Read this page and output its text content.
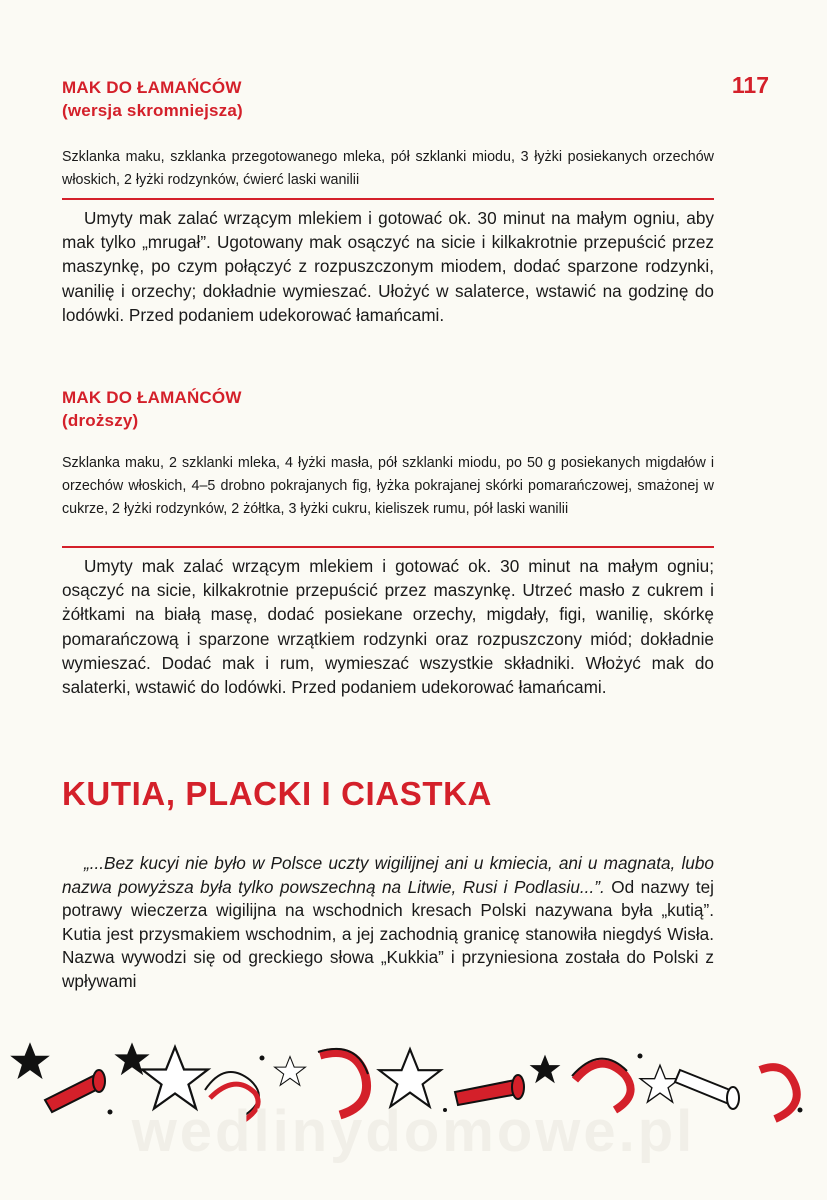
117

MAK DO ŁAMAŃCÓW
(wersja skromniejsza)

Szklanka maku, szklanka przegotowanego mleka, pół szklanki miodu, 3 łyżki posiekanych orzechów włoskich, 2 łyżki rodzynków, ćwierć laski wanilii

Umyty mak zalać wrzącym mlekiem i gotować ok. 30 minut na małym ogniu, aby mak tylko „mrugał”. Ugotowany mak osączyć na sicie i kilkakrotnie przepuścić przez maszynkę, po czym połączyć z rozpuszczonym miodem, dodać sparzone rodzynki, wanilię i orzechy; dokładnie wymieszać. Ułożyć w salaterce, wstawić na godzinę do lodówki. Przed podaniem udekorować łamańcami.

MAK DO ŁAMAŃCÓW
(droższy)

Szklanka maku, 2 szklanki mleka, 4 łyżki masła, pół szklanki miodu, po 50 g posiekanych migdałów i orzechów włoskich, 4–5 drobno pokrajanych fig, łyżka pokrajanej skórki pomarańczowej, smażonej w cukrze, 2 łyżki rodzynków, 2 żółtka, 3 łyżki cukru, kieliszek rumu, pół laski wanilii

Umyty mak zalać wrzącym mlekiem i gotować ok. 30 minut na małym ogniu; osączyć na sicie, kilkakrotnie przepuścić przez maszynkę. Utrzeć masło z cukrem i żółtkami na białą masę, dodać posiekane orzechy, migdały, figi, wanilię, skórkę pomarańczową i sparzone wrzątkiem rodzynki oraz rozpuszczony miód; dokładnie wymieszać. Dodać mak i rum, wymieszać wszystkie składniki. Włożyć mak do salaterki, wstawić do lodówki. Przed podaniem udekorować łamańcami.

KUTIA, PLACKI I CIASTKA

„...Bez kucyi nie było w Polsce uczty wigilijnej ani u kmiecia, ani u magnata, lubo nazwa powyższa była tylko powszechną na Litwie, Rusi i Podlasiu...”. Od nazwy tej potrawy wieczerza wigilijna na wschodnich kresach Polski nazywana była „kutią”. Kutia jest przysmakiem wschodnim, a jej zachodnią granicę stanowiła niegdyś Wisła. Nazwa wywodzi się od greckiego słowa „Kukkia” i przyniesiona została do Polski z wpływami

wedlinydomowe.pl
